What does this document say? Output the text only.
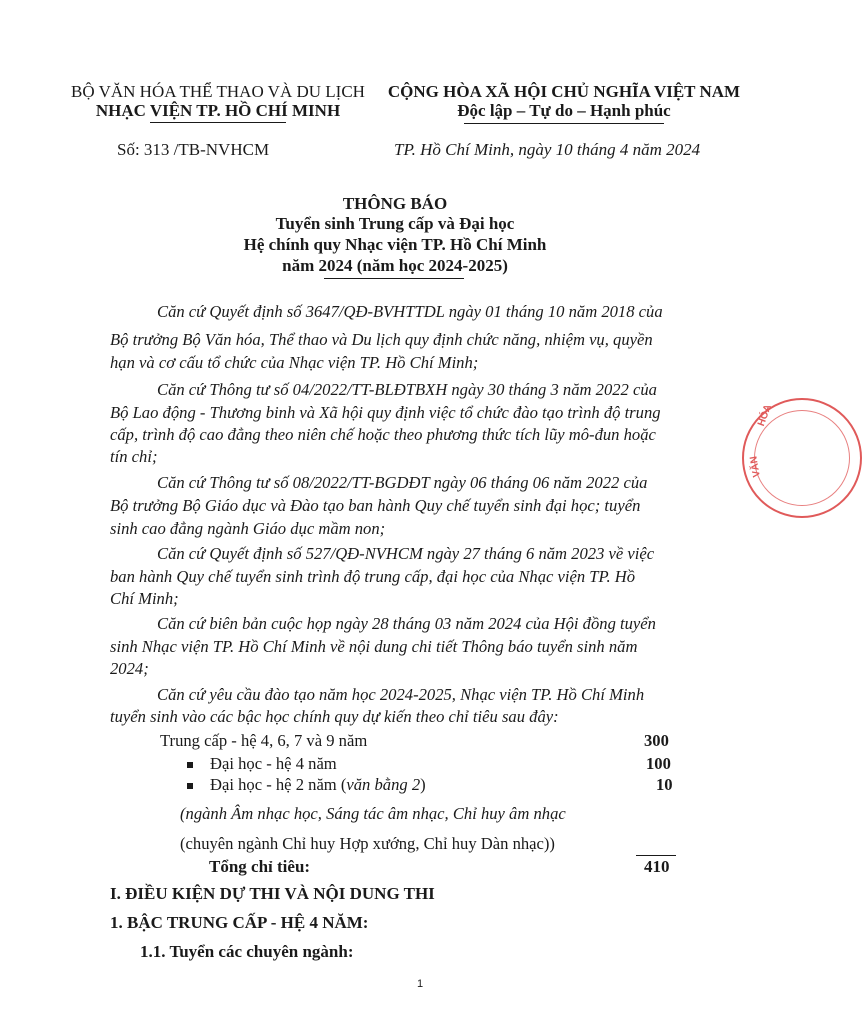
BỘ VĂN HÓA THỂ THAO VÀ DU LỊCH
NHẠC VIỆN TP. HỒ CHÍ MINH
CỘNG HÒA XÃ HỘI CHỦ NGHĨA VIỆT NAM
Độc lập – Tự do – Hạnh phúc
Số: 313 /TB-NVHCM	TP. Hồ Chí Minh, ngày 10 tháng 4 năm 2024
THÔNG BÁO
Tuyển sinh Trung cấp và Đại học
Hệ chính quy Nhạc viện TP. Hồ Chí Minh
năm 2024 (năm học 2024-2025)
Căn cứ Quyết định số 3647/QĐ-BVHTTDL ngày 01 tháng 10 năm 2018 của
Bộ trưởng Bộ Văn hóa, Thể thao và Du lịch quy định chức năng, nhiệm vụ, quyền
hạn và cơ cấu tổ chức của Nhạc viện TP. Hồ Chí Minh;
Căn cứ Thông tư số 04/2022/TT-BLĐTBXH ngày 30 tháng 3 năm 2022 của
Bộ Lao động - Thương binh và Xã hội quy định việc tổ chức đào tạo trình độ trung
cấp, trình độ cao đẳng theo niên chế hoặc theo phương thức tích lũy mô-đun hoặc
tín chỉ;
Căn cứ Thông tư số 08/2022/TT-BGDĐT ngày 06 tháng 06 năm 2022 của
Bộ trưởng Bộ Giáo dục và Đào tạo ban hành Quy chế tuyển sinh đại học; tuyển
sinh cao đẳng ngành Giáo dục mầm non;
Căn cứ Quyết định số 527/QĐ-NVHCM ngày 27 tháng 6 năm 2023 về việc
ban hành Quy chế tuyển sinh trình độ trung cấp, đại học của Nhạc viện TP. Hồ
Chí Minh;
Căn cứ biên bản cuộc họp ngày 28 tháng 03 năm 2024 của Hội đồng tuyển
sinh Nhạc viện TP. Hồ Chí Minh về nội dung chi tiết Thông báo tuyển sinh năm
2024;
Căn cứ yêu cầu đào tạo năm học 2024-2025, Nhạc viện TP. Hồ Chí Minh
tuyển sinh vào các bậc học chính quy dự kiến theo chỉ tiêu sau đây:
Trung cấp - hệ 4, 6, 7 và 9 năm	300
Đại học - hệ 4 năm	100
Đại học - hệ 2 năm (văn bằng 2)	10
(ngành Âm nhạc học, Sáng tác âm nhạc, Chỉ huy âm nhạc
(chuyên ngành Chỉ huy Hợp xướng, Chỉ huy Dàn nhạc))
Tổng chỉ tiêu:	410
I. ĐIỀU KIỆN DỰ THI VÀ NỘI DUNG THI
1. BẬC TRUNG CẤP - HỆ 4 NĂM:
1.1. Tuyển các chuyên ngành:
1
HÓA
VĂN
